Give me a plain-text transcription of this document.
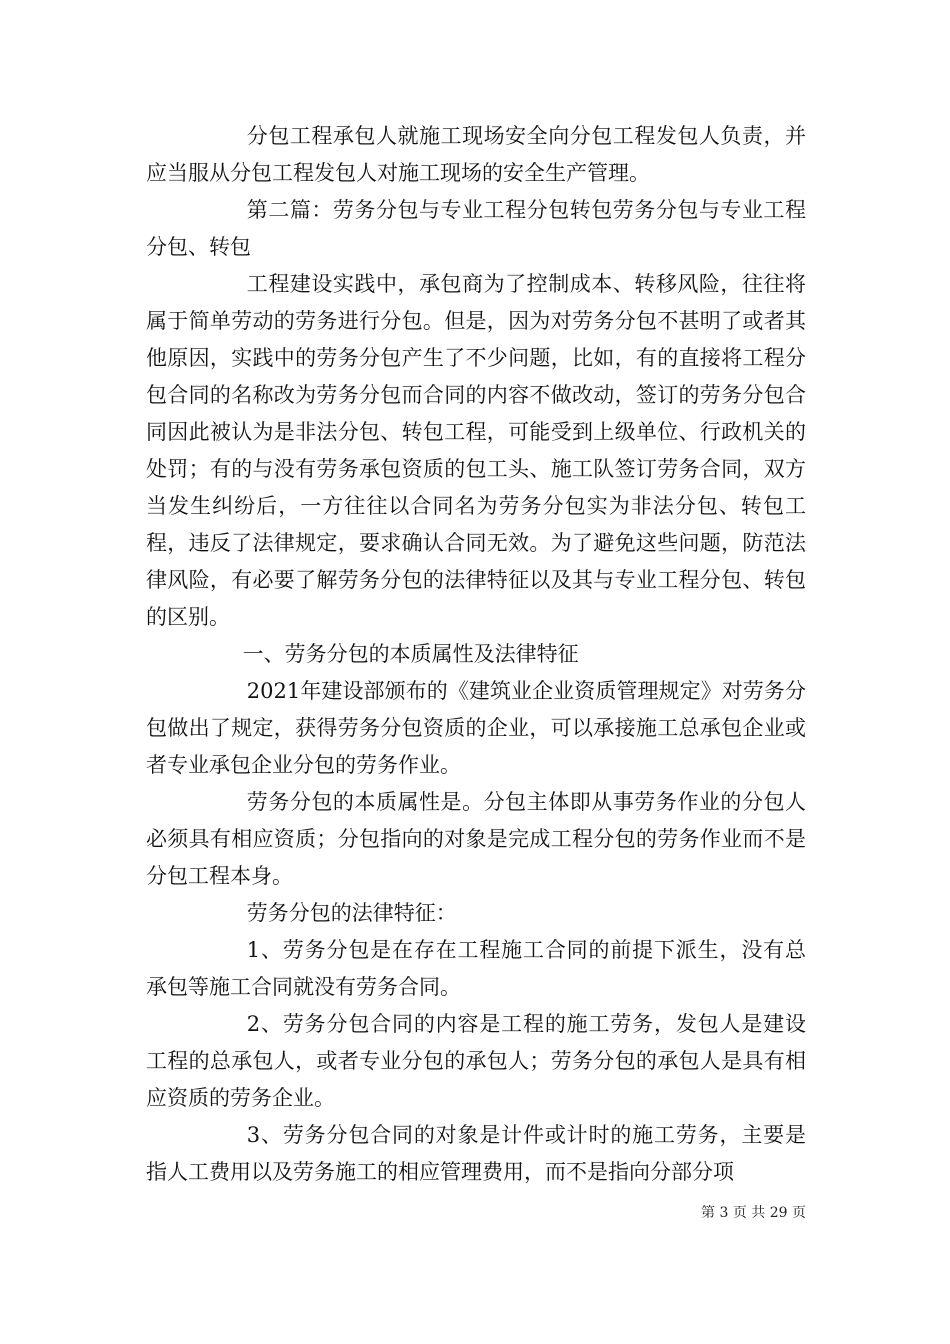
分包工程承包人就施工现场安全向分包工程发包人负责，并应当服从分包工程发包人对施工现场的安全生产管理。

第二篇：劳务分包与专业工程分包转包劳务分包与专业工程分包、转包

工程建设实践中，承包商为了控制成本、转移风险，往往将属于简单劳动的劳务进行分包。但是，因为对劳务分包不甚明了或者其他原因，实践中的劳务分包产生了不少问题，比如，有的直接将工程分包合同的名称改为劳务分包而合同的内容不做改动，签订的劳务分包合同因此被认为是非法分包、转包工程，可能受到上级单位、行政机关的处罚；有的与没有劳务承包资质的包工头、施工队签订劳务合同，双方当发生纠纷后，一方往往以合同名为劳务分包实为非法分包、转包工程，违反了法律规定，要求确认合同无效。为了避免这些问题，防范法律风险，有必要了解劳务分包的法律特征以及其与专业工程分包、转包的区别。

一、劳务分包的本质属性及法律特征

2021年建设部颁布的《建筑业企业资质管理规定》对劳务分包做出了规定，获得劳务分包资质的企业，可以承接施工总承包企业或者专业承包企业分包的劳务作业。

劳务分包的本质属性是。分包主体即从事劳务作业的分包人必须具有相应资质；分包指向的对象是完成工程分包的劳务作业而不是分包工程本身。

劳务分包的法律特征：

1、劳务分包是在存在工程施工合同的前提下派生，没有总承包等施工合同就没有劳务合同。

2、劳务分包合同的内容是工程的施工劳务，发包人是建设工程的总承包人，或者专业分包的承包人；劳务分包的承包人是具有相应资质的劳务企业。

3、劳务分包合同的对象是计件或计时的施工劳务，主要是指人工费用以及劳务施工的相应管理费用，而不是指向分部分项

第 3 页 共 29 页
